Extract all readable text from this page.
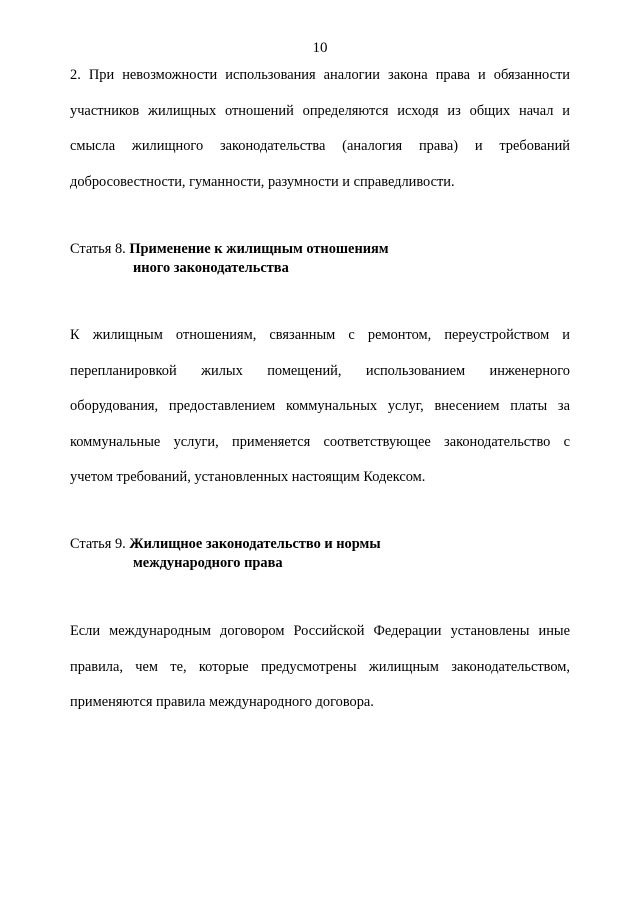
10
2. При невозможности использования аналогии закона права и обязанности
участников жилищных отношений определяются исходя из общих начал и
смысла жилищного законодательства (аналогия права) и требований
добросовестности, гуманности, разумности и справедливости.
Статья 8. Применение к жилищным отношениям
иного законодательства
К жилищным отношениям, связанным с ремонтом, переустройством и
перепланировкой жилых помещений, использованием инженерного
оборудования, предоставлением коммунальных услуг, внесением платы за
коммунальные услуги, применяется соответствующее законодательство с
учетом требований, установленных настоящим Кодексом.
Статья 9. Жилищное законодательство и нормы
международного права
Если международным договором Российской Федерации установлены иные
правила, чем те, которые предусмотрены жилищным законодательством,
применяются правила международного договора.
